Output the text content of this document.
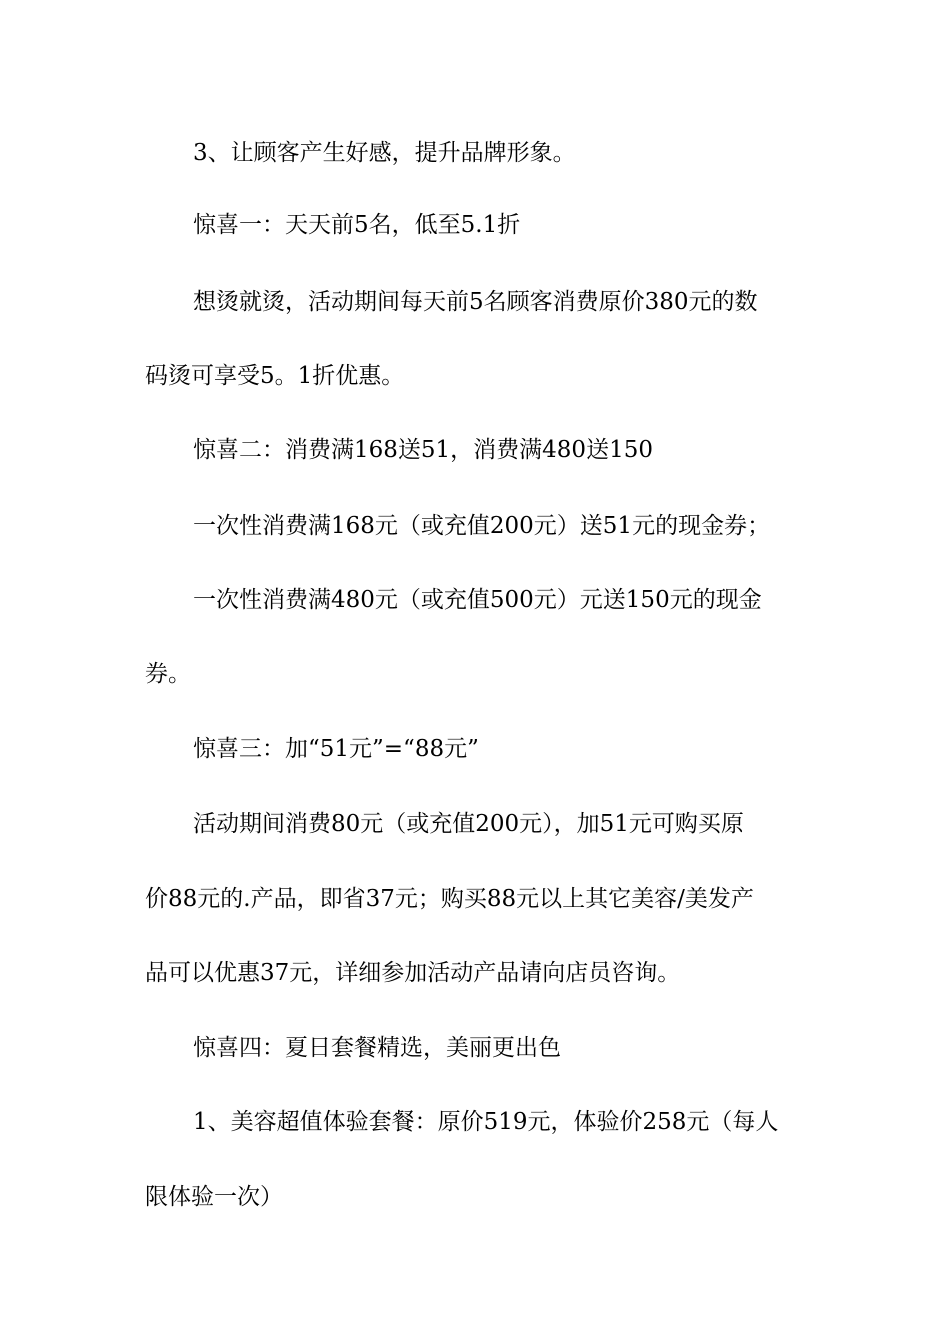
3、让顾客产生好感，提升品牌形象。

惊喜一：天天前5名，低至5.1折

想烫就烫，活动期间每天前5名顾客消费原价380元的数

码烫可享受5。1折优惠。

惊喜二：消费满168送51，消费满480送150

一次性消费满168元（或充值200元）送51元的现金券；

一次性消费满480元（或充值500元）元送150元的现金

券。

惊喜三：加“51元”=“88元”

活动期间消费80元（或充值200元），加51元可购买原

价88元的.产品，即省37元；购买88元以上其它美容/美发产

品可以优惠37元，详细参加活动产品请向店员咨询。

惊喜四：夏日套餐精选，美丽更出色

1、美容超值体验套餐：原价519元，体验价258元（每人

限体验一次）
